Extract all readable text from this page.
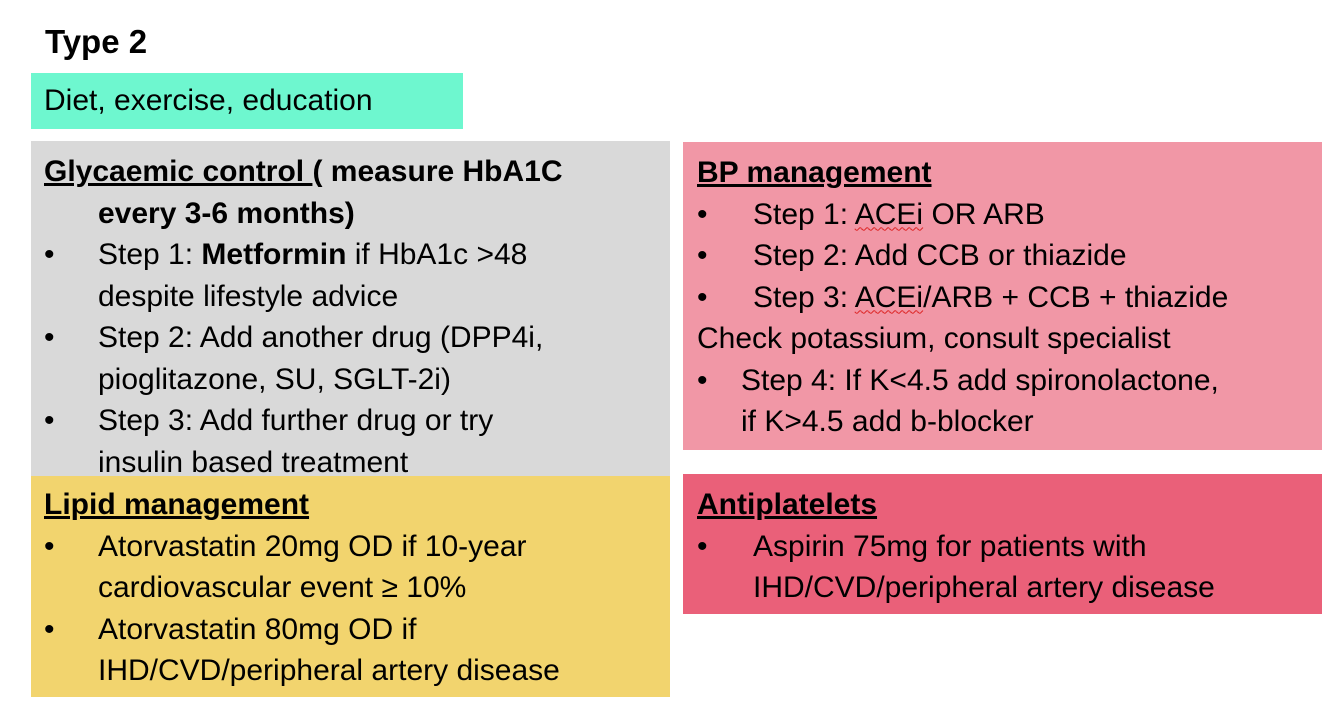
Type 2
Diet, exercise, education
Glycaemic control ( measure HbA1C
every 3-6 months)
• Step 1: Metformin if HbA1c >48
despite lifestyle advice
• Step 2: Add another drug (DPP4i,
pioglitazone, SU, SGLT-2i)
• Step 3: Add further drug or try
insulin based treatment
Lipid management
• Atorvastatin 20mg OD if 10-year
cardiovascular event ≥ 10%
• Atorvastatin 80mg OD if
IHD/CVD/peripheral artery disease
BP management
• Step 1: ACEi OR ARB
• Step 2: Add CCB or thiazide
• Step 3: ACEi/ARB + CCB + thiazide

Check potassium, consult specialist

• Step 4: If K<4.5 add spironolactone,
if K>4.5 add b-blocker
Antiplatelets
• Aspirin 75mg for patients with
IHD/CVD/peripheral artery disease
